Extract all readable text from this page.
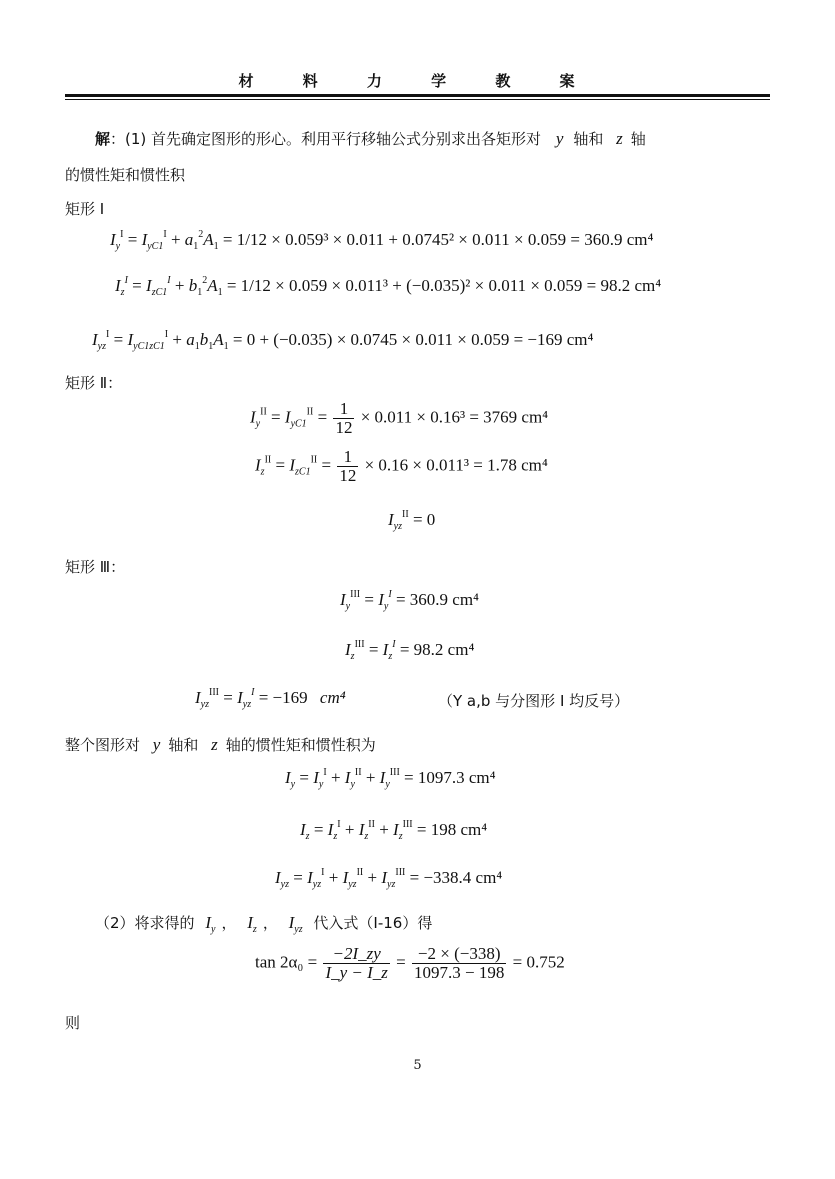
材 料 力 学 教 案
解：(1) 首先确定图形的形心。利用平行移轴公式分别求出各矩形对 y 轴和 z 轴
的惯性矩和惯性积
矩形 I
$I_y^I = I_{yC1}^I + a_1^2A_1 = 1/12 \times 0.059^3 \times 0.011 + 0.0745^2 \times 0.011 \times 0.059 = 360.9$ cm⁴
$I_z^I = I_{zC1}^I + b_1^2A_1 = 1/12 \times 0.059 \times 0.011^3 + (-0.035)^2 \times 0.011 \times 0.059 = 98.2$ cm⁴
$I_{yz}^I = I_{yC1zC1}^I + a_1b_1A_1 = 0 + (-0.035) \times 0.0745 \times 0.011 \times 0.059 = -169$ cm⁴
矩形 Ⅱ：
$I_y^{II} = I_{yC1}^{II} = \frac{1}{12} \times 0.011 \times 0.16^3 = 3769$ cm⁴
$I_z^{II} = I_{zC1}^{II} = \frac{1}{12} \times 0.16 \times 0.011^3 = 1.78$ cm⁴
$I_{yz}^{II} = 0$
矩形 Ⅲ：
$I_y^{III} = I_y^I = 360.9$ cm⁴
$I_z^{III} = I_z^I = 98.2$ cm⁴
$I_{yz}^{III} = I_{yz}^I = -169$ cm⁴	（Y a,b 与分图形 I 均反号）
整个图形对 y 轴和 z 轴的惯性矩和惯性积为
$I_y = I_y^I + I_y^{II} + I_y^{III} = 1097.3$ cm⁴
$I_z = I_z^I + I_z^{II} + I_z^{III} = 198$ cm⁴
$I_{yz} = I_{yz}^I + I_{yz}^{II} + I_{yz}^{III} = -338.4$ cm⁴
（2）将求得的 $I_y$ ， $I_z$ ， $I_{yz}$ 代入式（Ⅰ-16）得
$\tan 2\alpha_0 = \frac{-2I\_zy}{I\_y - I\_z} = \frac{-2 \times (-338)}{1097.3 - 198} = 0.752$
则
5
